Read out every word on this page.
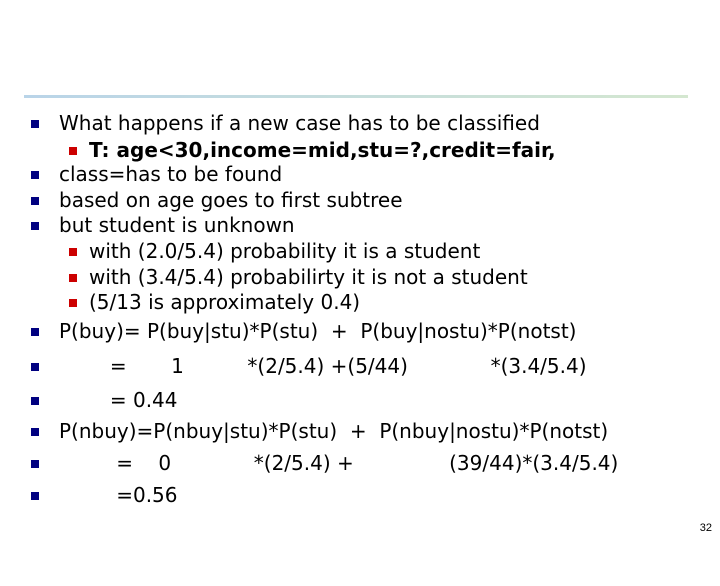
What happens if a new case has to be classified

T: age<30,income=mid,stu=?,credit=fair,

class=has to be found

based on age goes to first subtree

but student is unknown

with (2.0/5.4) probability it is a student

with (3.4/5.4) probabilirty it is not a student

(5/13 is approximately 0.4)

P(buy)= P(buy|stu)*P(stu)  +  P(buy|nostu)*P(notst)

=       1          *(2/5.4) +(5/44)             *(3.4/5.4)

= 0.44

P(nbuy)=P(nbuy|stu)*P(stu)  +  P(nbuy|nostu)*P(notst)

=    0             *(2/5.4) +               (39/44)*(3.4/5.4)

=0.56

32
